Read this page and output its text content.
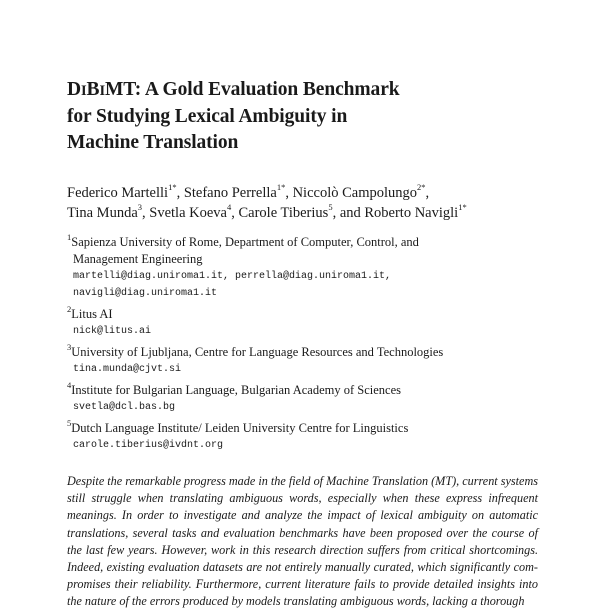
DIBIMT: A Gold Evaluation Benchmark
for Studying Lexical Ambiguity in
Machine Translation
Federico Martelli$^{1*}$, Stefano Perrella$^{1*}$, Niccolò Campolungo$^{2*}$,
Tina Munda$^3$, Svetla Koeva$^4$, Carole Tiberius$^5$, and Roberto Navigli$^{1*}$
$^1$Sapienza University of Rome, Department of Computer, Control, and
Management Engineering
martelli@diag.uniroma1.it, perrella@diag.uniroma1.it,
navigli@diag.uniroma1.it
$^2$Litus AI
nick@litus.ai
$^3$University of Ljubljana, Centre for Language Resources and Technologies
tina.munda@cjvt.si
$^4$Institute for Bulgarian Language, Bulgarian Academy of Sciences
svetla@dcl.bas.bg
$^5$Dutch Language Institute/ Leiden University Centre for Linguistics
carole.tiberius@ivdnt.org
Despite the remarkable progress made in the field of Machine Translation (MT), current systems
still struggle when translating ambiguous words, especially when these express infrequent
meanings. In order to investigate and analyze the impact of lexical ambiguity on automatic
translations, several tasks and evaluation benchmarks have been proposed over the course of
the last few years. However, work in this research direction suffers from critical shortcomings.
Indeed, existing evaluation datasets are not entirely manually curated, which significantly com-
promises their reliability. Furthermore, current literature fails to provide detailed insights into
the nature of the errors produced by models translating ambiguous words, lacking a thorough
